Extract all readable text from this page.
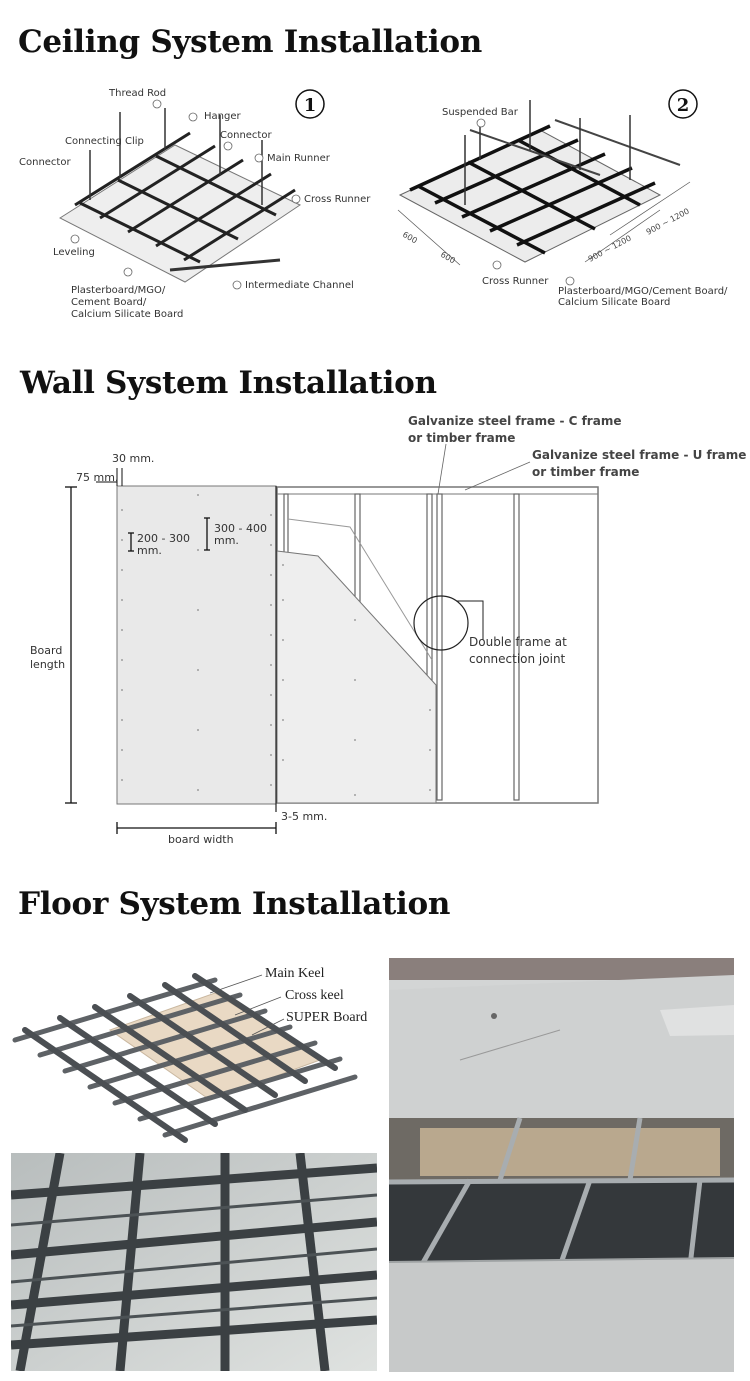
Ceiling System Installation
1
Thread Rod
Hanger
Connecting Clip
Connector
Connector	Main Runner
Cross Runner
Leveling
Intermediate Channel
Plasterboard/MGO/
Cement Board/
Calcium Silicate Board
2
600
600	900 ~ 1200
900 ~ 1200
Suspended Bar
Cross Runner
Plasterboard/MGO/Cement Board/
Calcium Silicate Board
Galvanize steel frame - C frame
or timber frame
Galvanize steel frame - U frame
or timber frame
30 mm.
75 mm.
200 - 300
mm.
300 - 400
mm.
Board
length
Double frame at
connection joint
3-5 mm.
board width
Main Keel
Cross keel
SUPER Board
Wall System Installation
Floor System Installation
